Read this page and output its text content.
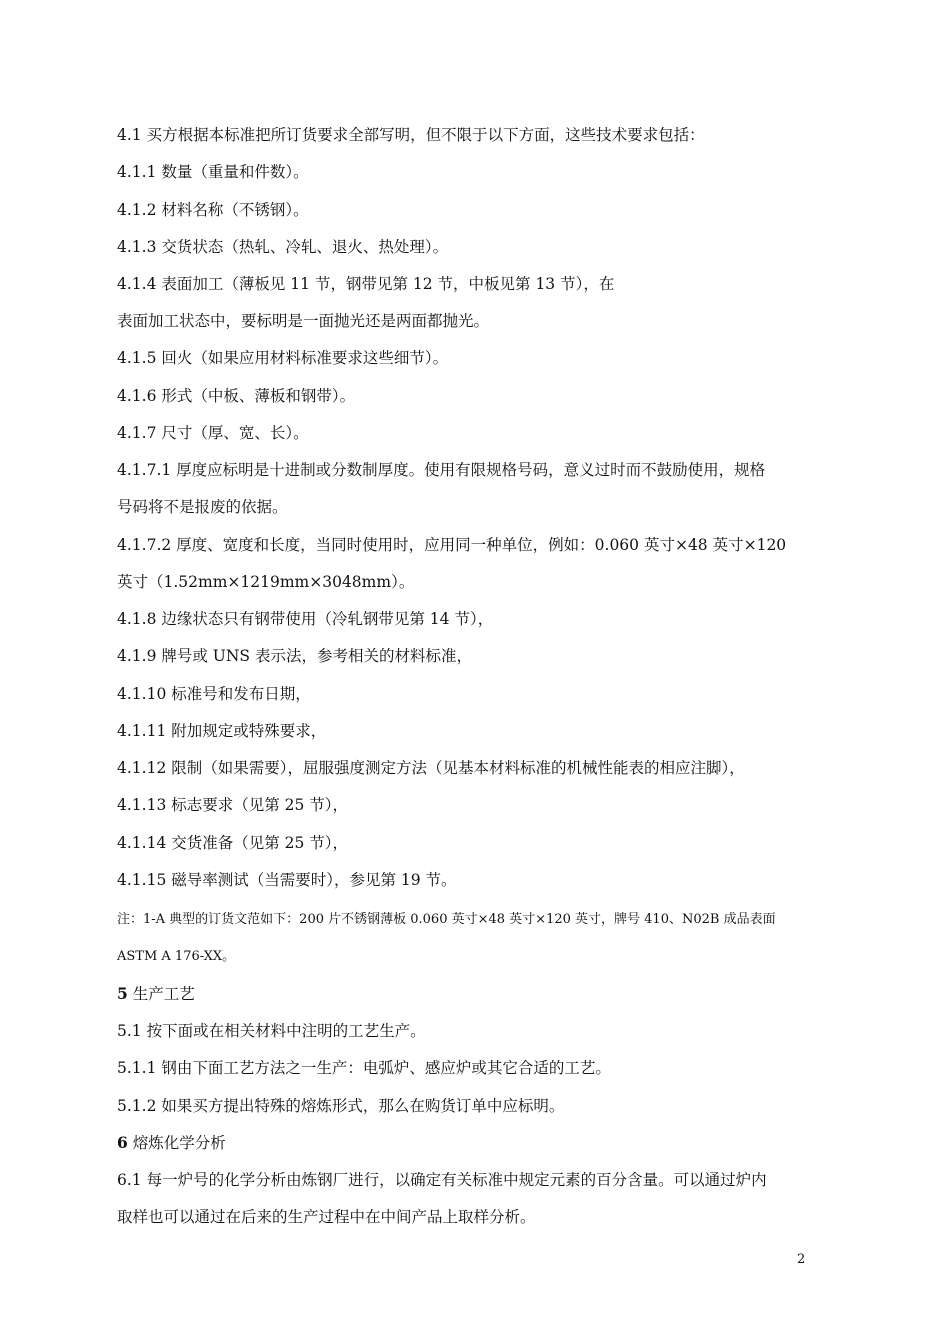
4.1 买方根据本标准把所订货要求全部写明，但不限于以下方面，这些技术要求包括：
4.1.1 数量（重量和件数）。
4.1.2 材料名称（不锈钢）。
4.1.3 交货状态（热轧、冷轧、退火、热处理）。
4.1.4 表面加工（薄板见 11 节，钢带见第 12 节，中板见第 13 节），在
表面加工状态中，要标明是一面抛光还是两面都抛光。
4.1.5 回火（如果应用材料标准要求这些细节）。
4.1.6 形式（中板、薄板和钢带）。
4.1.7 尺寸（厚、宽、长）。
4.1.7.1 厚度应标明是十进制或分数制厚度。使用有限规格号码，意义过时而不鼓励使用，规格
号码将不是报废的依据。
4.1.7.2 厚度、宽度和长度，当同时使用时，应用同一种单位，例如：0.060 英寸×48 英寸×120
英寸（1.52mm×1219mm×3048mm）。
4.1.8 边缘状态只有钢带使用（冷轧钢带见第 14 节），
4.1.9 牌号或 UNS 表示法，参考相关的材料标准，
4.1.10 标准号和发布日期，
4.1.11 附加规定或特殊要求，
4.1.12 限制（如果需要），屈服强度测定方法（见基本材料标准的机械性能表的相应注脚），
4.1.13 标志要求（见第 25 节），
4.1.14 交货准备（见第 25 节），
4.1.15 磁导率测试（当需要时），参见第 19 节。
注：1-A 典型的订货文范如下：200 片不锈钢薄板 0.060 英寸×48 英寸×120 英寸，牌号 410、N02B 成品表面
ASTM A 176-XX。
5 生产工艺
5.1 按下面或在相关材料中注明的工艺生产。
5.1.1 钢由下面工艺方法之一生产：电弧炉、感应炉或其它合适的工艺。
5.1.2 如果买方提出特殊的熔炼形式，那么在购货订单中应标明。
6 熔炼化学分析
6.1 每一炉号的化学分析由炼钢厂进行，以确定有关标准中规定元素的百分含量。可以通过炉内
取样也可以通过在后来的生产过程中在中间产品上取样分析。
2
